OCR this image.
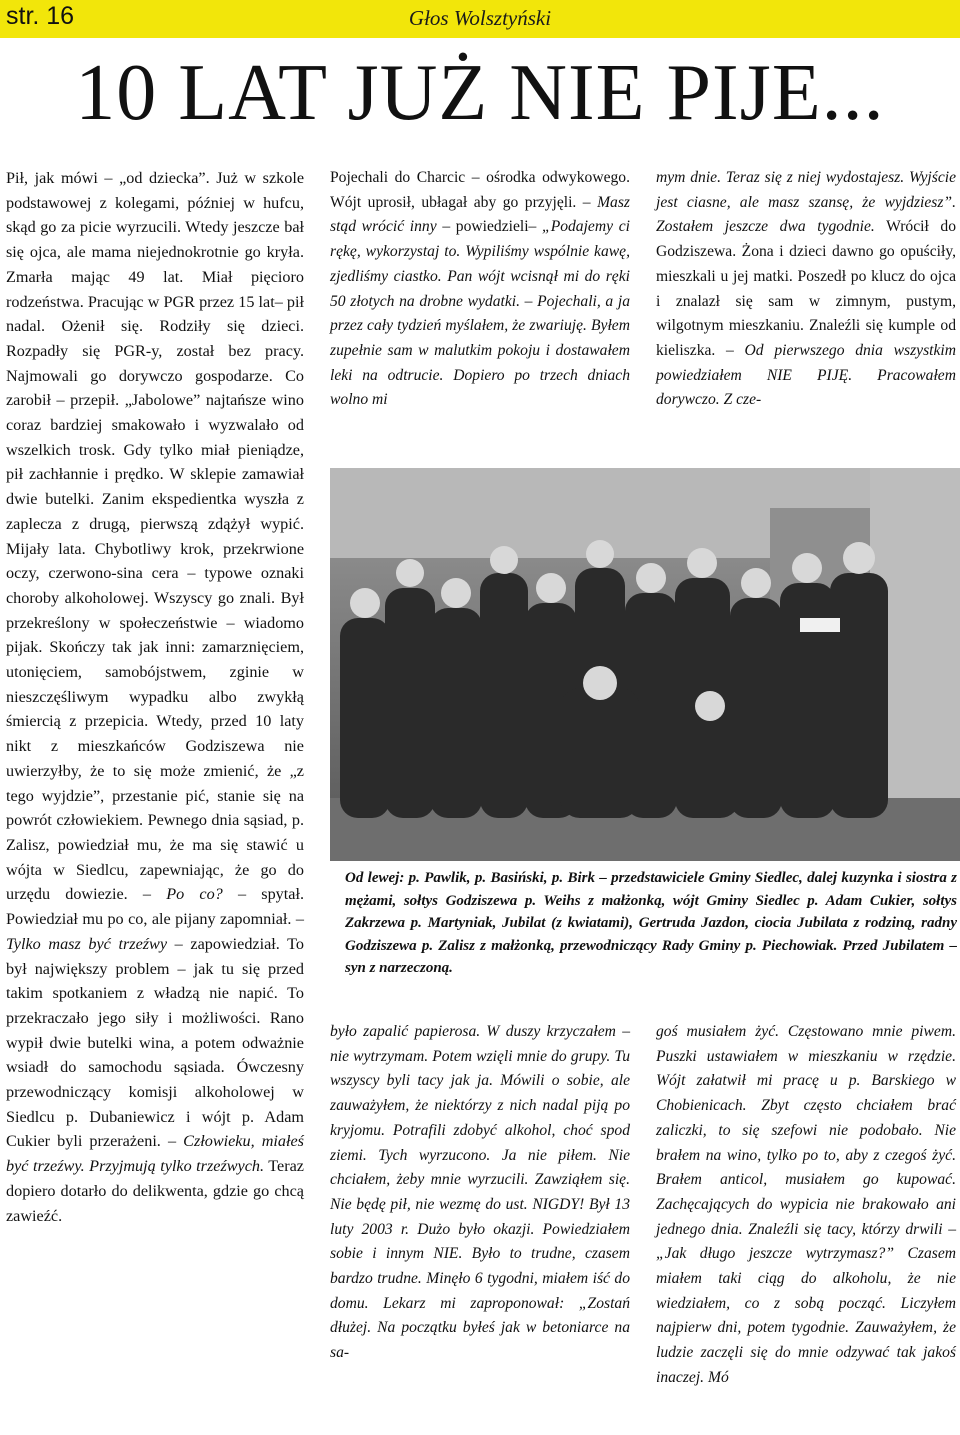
str. 16	Głos Wolsztyński
10 LAT JUŻ NIE PIJE...

Pił, jak mówi – „od dziecka”. Już w szkole podstawowej z kolegami, później w hufcu, skąd go za picie wyrzucili. Wtedy jeszcze bał się ojca, ale mama niejednokrotnie go kryła. Zmarła mając 49 lat. Miał pięcioro rodzeństwa. Pracując w PGR przez 15 lat– pił nadal. Ożenił się. Rodziły się dzieci. Rozpadły się PGR-y, został bez pracy. Najmowali go dorywczo gospodarze. Co zarobił – przepił. „Jabolowe” najtańsze wino coraz bardziej smakowało i wyzwalało od wszelkich trosk. Gdy tylko miał pieniądze, pił zachłannie i prędko. W sklepie zamawiał dwie butelki. Zanim ekspedientka wyszła z zaplecza z drugą, pierwszą zdążył wypić. Mijały lata. Chybotliwy krok, przekrwione oczy, czerwono-sina cera – typowe oznaki choroby alkoholowej. Wszyscy go znali. Był przekreślony w społeczeństwie – wiadomo pijak. Skończy tak jak inni: zamarznięciem, utonięciem, samobójstwem, zginie w nieszczęśliwym wypadku albo zwykłą śmiercią z przepicia. Wtedy, przed 10 laty nikt z mieszkańców Godziszewa nie uwierzyłby, że to się może zmienić, że „z tego wyjdzie”, przestanie pić, stanie się na powrót człowiekiem. Pewnego dnia sąsiad, p. Zalisz, powiedział mu, że ma się stawić u wójta w Siedlcu, zapewniając, że go do urzędu dowiezie. – Po co? – spytał. Powiedział mu po co, ale pijany zapomniał. – Tylko masz być trzeźwy – zapowiedział. To był największy problem – jak tu się przed takim spotkaniem z władzą nie napić. To przekraczało jego siły i możliwości. Rano wypił dwie butelki wina, a potem odważnie wsiadł do samochodu sąsiada. Ówczesny przewodniczący komisji alkoholowej w Siedlcu p. Dubaniewicz i wójt p. Adam Cukier byli przerażeni. – Człowieku, miałeś być trzeźwy. Przyjmują tylko trzeźwych. Teraz dopiero dotarło do delikwenta, gdzie go chcą zawieźć.

Pojechali do Charcic – ośrodka odwykowego. Wójt uprosił, ubłagał aby go przyjęli. – Masz stąd wrócić inny – powiedzieli– „Podajemy ci rękę, wykorzystaj to. Wypiliśmy wspólnie kawę, zjedliśmy ciastko. Pan wójt wcisnął mi do ręki 50 złotych na drobne wydatki. – Pojechali, a ja przez cały tydzień myślałem, że zwariuję. Byłem zupełnie sam w malutkim pokoju i dostawałem leki na odtrucie. Dopiero po trzech dniach wolno mi

mym dnie. Teraz się z niej wydostajesz. Wyjście jest ciasne, ale masz szansę, że wyjdziesz”. Zostałem jeszcze dwa tygodnie. Wrócił do Godziszewa. Żona i dzieci dawno go opuściły, mieszkali u jej matki. Poszedł po klucz do ojca i znalazł się sam w zimnym, pustym, wilgotnym mieszkaniu. Znaleźli się kumple od kieliszka. – Od pierwszego dnia wszystkim powiedziałem NIE PIJĘ. Pracowałem dorywczo. Z cze-

Od lewej: p. Pawlik, p. Basiński, p. Birk – przedstawiciele Gminy Siedlec, dalej kuzynka i siostra z mężami, sołtys Godziszewa p. Weihs z małżonką, wójt Gminy Siedlec p. Adam Cukier, sołtys Zakrzewa p. Martyniak, Jubilat (z kwiatami), Gertruda Jazdon, ciocia Jubilata z rodziną, radny Godziszewa p. Zalisz z małżonką, przewodniczący Rady Gminy p. Piechowiak. Przed Jubilatem – syn z narzeczoną.

było zapalić papierosa. W duszy krzyczałem – nie wytrzymam. Potem wzięli mnie do grupy. Tu wszyscy byli tacy jak ja. Mówili o sobie, ale zauważyłem, że niektórzy z nich nadal piją po kryjomu. Potrafili zdobyć alkohol, choć spod ziemi. Tych wyrzucono. Ja nie piłem. Nie chciałem, żeby mnie wyrzucili. Zawziąłem się. Nie będę pił, nie wezmę do ust. NIGDY! Był 13 luty 2003 r. Dużo było okazji. Powiedziałem sobie i innym NIE. Było to trudne, czasem bardzo trudne. Minęło 6 tygodni, miałem iść do domu. Lekarz mi zaproponował: „Zostań dłużej. Na początku byłeś jak w betoniarce na sa-

goś musiałem żyć. Częstowano mnie piwem. Puszki ustawiałem w mieszkaniu w rzędzie. Wójt załatwił mi pracę u p. Barskiego w Chobienicach. Zbyt często chciałem brać zaliczki, to się szefowi nie podobało. Nie brałem na wino, tylko po to, aby z czegoś żyć. Brałem anticol, musiałem go kupować. Zachęcających do wypicia nie brakowało ani jednego dnia. Znaleźli się tacy, którzy drwili – „Jak długo jeszcze wytrzymasz?” Czasem miałem taki ciąg do alkoholu, że nie wiedziałem, co z sobą począć. Liczyłem najpierw dni, potem tygodnie. Zauważyłem, że ludzie zaczęli się do mnie odzywać tak jakoś inaczej. Mó
